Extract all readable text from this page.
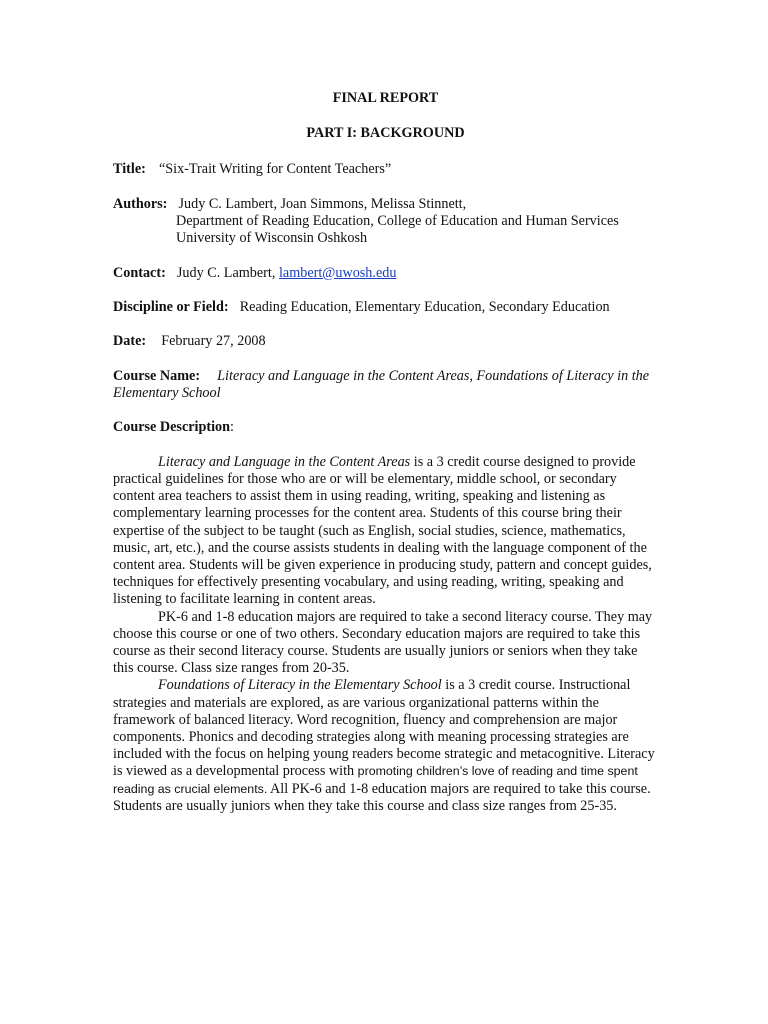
FINAL REPORT
PART I: BACKGROUND
Title: “Six-Trait Writing for Content Teachers”
Authors: Judy C. Lambert, Joan Simmons, Melissa Stinnett,
Department of Reading Education, College of Education and Human Services
University of Wisconsin Oshkosh
Contact: Judy C. Lambert, lambert@uwosh.edu
Discipline or Field: Reading Education, Elementary Education, Secondary Education
Date: February 27, 2008
Course Name: Literacy and Language in the Content Areas, Foundations of Literacy in the Elementary School
Course Description:

Literacy and Language in the Content Areas is a 3 credit course designed to provide practical guidelines for those who are or will be elementary, middle school, or secondary content area teachers to assist them in using reading, writing, speaking and listening as complementary learning processes for the content area. Students of this course bring their expertise of the subject to be taught (such as English, social studies, science, mathematics, music, art, etc.), and the course assists students in dealing with the language component of the content area. Students will be given experience in producing study, pattern and concept guides, techniques for effectively presenting vocabulary, and using reading, writing, speaking and listening to facilitate learning in content areas.

PK-6 and 1-8 education majors are required to take a second literacy course. They may choose this course or one of two others. Secondary education majors are required to take this course as their second literacy course. Students are usually juniors or seniors when they take this course. Class size ranges from 20-35.

Foundations of Literacy in the Elementary School is a 3 credit course. Instructional strategies and materials are explored, as are various organizational patterns within the framework of balanced literacy. Word recognition, fluency and comprehension are major components. Phonics and decoding strategies along with meaning processing strategies are included with the focus on helping young readers become strategic and metacognitive. Literacy is viewed as a developmental process with promoting children’s love of reading and time spent reading as crucial elements. All PK-6 and 1-8 education majors are required to take this course. Students are usually juniors when they take this course and class size ranges from 25-35.
